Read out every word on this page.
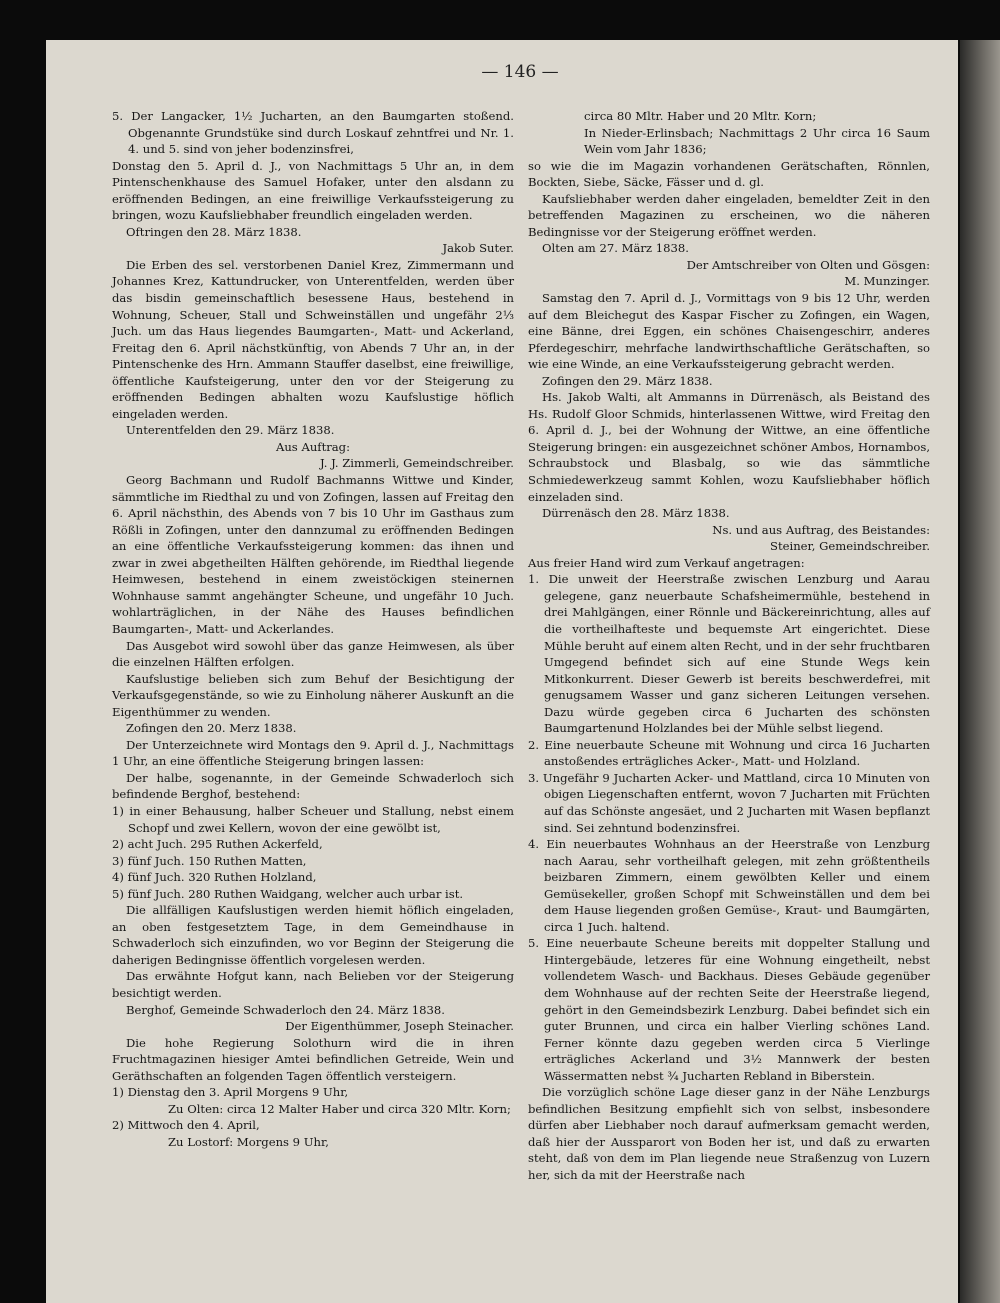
— 146 —

5. Der Langacker, 1½ Jucharten, an den Baumgarten stoßend. Obgenannte Grundstüke sind durch Loskauf zehntfrei und Nr. 1. 4. und 5. sind von jeher bodenzinsfrei,

Donstag den 5. April d. J., von Nachmittags 5 Uhr an, in dem Pintenschenkhause des Samuel Hofaker, unter den alsdann zu eröffnenden Bedingen, an eine freiwillige Verkaufssteigerung zu bringen, wozu Kaufsliebhaber freundlich eingeladen werden.

Oftringen den 28. März 1838.

Jakob Suter.

Die Erben des sel. verstorbenen Daniel Krez, Zimmermann und Johannes Krez, Kattundrucker, von Unterentfelden, werden über das bisdin gemeinschaftlich besessene Haus, bestehend in Wohnung, Scheuer, Stall und Schweinställen und ungefähr 2⅓ Juch. um das Haus liegendes Baumgarten-, Matt- und Ackerland, Freitag den 6. April nächstkünftig, von Abends 7 Uhr an, in der Pintenschenke des Hrn. Ammann Stauffer daselbst, eine freiwillige, öffentliche Kaufsteigerung, unter den vor der Steigerung zu eröffnenden Bedingen abhalten wozu Kaufslustige höflich eingeladen werden.

Unterentfelden den 29. März 1838.

Aus Auftrag:

J. J. Zimmerli, Gemeindschreiber.

Georg Bachmann und Rudolf Bachmanns Wittwe und Kinder, sämmtliche im Riedthal zu und von Zofingen, lassen auf Freitag den 6. April nächsthin, des Abends von 7 bis 10 Uhr im Gasthaus zum Rößli in Zofingen, unter den dannzumal zu eröffnenden Bedingen an eine öffentliche Verkaufssteigerung kommen: das ihnen und zwar in zwei abgetheilten Hälften gehörende, im Riedthal liegende Heimwesen, bestehend in einem zweistöckigen steinernen Wohnhause sammt angehängter Scheune, und ungefähr 10 Juch. wohlarträglichen, in der Nähe des Hauses befindlichen Baumgarten-, Matt- und Ackerlandes.

Das Ausgebot wird sowohl über das ganze Heimwesen, als über die einzelnen Hälften erfolgen.

Kaufslustige belieben sich zum Behuf der Besichtigung der Verkaufsgegenstände, so wie zu Einholung näherer Auskunft an die Eigenthümmer zu wenden.

Zofingen den 20. Merz 1838.

Der Unterzeichnete wird Montags den 9. April d. J., Nachmittags 1 Uhr, an eine öffentliche Steigerung bringen lassen:

Der halbe, sogenannte, in der Gemeinde Schwaderloch sich befindende Berghof, bestehend:

1) in einer Behausung, halber Scheuer und Stallung, nebst einem Schopf und zwei Kellern, wovon der eine gewölbt ist,

2) acht Juch. 295 Ruthen Ackerfeld,

3) fünf Juch. 150 Ruthen Matten,

4) fünf Juch. 320 Ruthen Holzland,

5) fünf Juch. 280 Ruthen Waidgang, welcher auch urbar ist.

Die allfälligen Kaufslustigen werden hiemit höflich eingeladen, an oben festgesetztem Tage, in dem Gemeindhause in Schwaderloch sich einzufinden, wo vor Beginn der Steigerung die daherigen Bedingnisse öffentlich vorgelesen werden.

Das erwähnte Hofgut kann, nach Belieben vor der Steigerung besichtigt werden.

Berghof, Gemeinde Schwaderloch den 24. März 1838.

Der Eigenthümmer, Joseph Steinacher.

Die hohe Regierung Solothurn wird die in ihren Fruchtmagazinen hiesiger Amtei befindlichen Getreide, Wein und Geräthschaften an folgenden Tagen öffentlich versteigern.

1) Dienstag den 3. April Morgens 9 Uhr,

Zu Olten: circa 12 Malter Haber und circa 320 Mltr. Korn;

2) Mittwoch den 4. April,

Zu Lostorf: Morgens 9 Uhr,

circa 80 Mltr. Haber und 20 Mltr. Korn;

In Nieder-Erlinsbach; Nachmittags 2 Uhr circa 16 Saum Wein vom Jahr 1836;

so wie die im Magazin vorhandenen Gerätschaften, Rönnlen, Bockten, Siebe, Säcke, Fässer und d. gl.

Kaufsliebhaber werden daher eingeladen, bemeldter Zeit in den betreffenden Magazinen zu erscheinen, wo die näheren Bedingnisse vor der Steigerung eröffnet werden.

Olten am 27. März 1838.

Der Amtschreiber von Olten und Gösgen:

M. Munzinger.

Samstag den 7. April d. J., Vormittags von 9 bis 12 Uhr, werden auf dem Bleichegut des Kaspar Fischer zu Zofingen, ein Wagen, eine Bänne, drei Eggen, ein schönes Chaisengeschirr, anderes Pferdegeschirr, mehrfache landwirthschaftliche Gerätschaften, so wie eine Winde, an eine Verkaufssteigerung gebracht werden.

Zofingen den 29. März 1838.

Hs. Jakob Walti, alt Ammanns in Dürrenäsch, als Beistand des Hs. Rudolf Gloor Schmids, hinterlassenen Wittwe, wird Freitag den 6. April d. J., bei der Wohnung der Wittwe, an eine öffentliche Steigerung bringen: ein ausgezeichnet schöner Ambos, Hornambos, Schraubstock und Blasbalg, so wie das sämmtliche Schmiedewerkzeug sammt Kohlen, wozu Kaufsliebhaber höflich einzeladen sind.

Dürrenäsch den 28. März 1838.

Ns. und aus Auftrag, des Beistandes:

Steiner, Gemeindschreiber.

Aus freier Hand wird zum Verkauf angetragen:

1. Die unweit der Heerstraße zwischen Lenzburg und Aarau gelegene, ganz neuerbaute Schafsheimermühle, bestehend in drei Mahlgängen, einer Rönnle und Bäckereinrichtung, alles auf die vortheilhafteste und bequemste Art eingerichtet. Diese Mühle beruht auf einem alten Recht, und in der sehr fruchtbaren Umgegend befindet sich auf eine Stunde Wegs kein Mitkonkurrent. Dieser Gewerb ist bereits beschwerdefrei, mit genugsamem Wasser und ganz sicheren Leitungen versehen. Dazu würde gegeben circa 6 Jucharten des schönsten Baumgartenund Holzlandes bei der Mühle selbst liegend.

2. Eine neuerbaute Scheune mit Wohnung und circa 16 Jucharten anstoßendes erträgliches Acker-, Matt- und Holzland.

3. Ungefähr 9 Jucharten Acker- und Mattland, circa 10 Minuten von obigen Liegenschaften entfernt, wovon 7 Jucharten mit Früchten auf das Schönste angesäet, und 2 Jucharten mit Wasen bepflanzt sind. Sei zehntund bodenzinsfrei.

4. Ein neuerbautes Wohnhaus an der Heerstraße von Lenzburg nach Aarau, sehr vortheilhaft gelegen, mit zehn größtentheils beizbaren Zimmern, einem gewölbten Keller und einem Gemüsekeller, großen Schopf mit Schweinställen und dem bei dem Hause liegenden großen Gemüse-, Kraut- und Baumgärten, circa 1 Juch. haltend.

5. Eine neuerbaute Scheune bereits mit doppelter Stallung und Hintergebäude, letzeres für eine Wohnung eingetheilt, nebst vollendetem Wasch- und Backhaus. Dieses Gebäude gegenüber dem Wohnhause auf der rechten Seite der Heerstraße liegend, gehört in den Gemeindsbezirk Lenzburg. Dabei befindet sich ein guter Brunnen, und circa ein halber Vierling schönes Land. Ferner könnte dazu gegeben werden circa 5 Vierlinge erträgliches Ackerland und 3½ Mannwerk der besten Wässermatten nebst ¾ Jucharten Rebland in Biberstein.

Die vorzüglich schöne Lage dieser ganz in der Nähe Lenzburgs befindlichen Besitzung empfiehlt sich von selbst, insbesondere dürfen aber Liebhaber noch darauf aufmerksam gemacht werden, daß hier der Aussparort von Boden her ist, und daß zu erwarten steht, daß von dem im Plan liegende neue Straßenzug von Luzern her, sich da mit der Heerstraße nach
